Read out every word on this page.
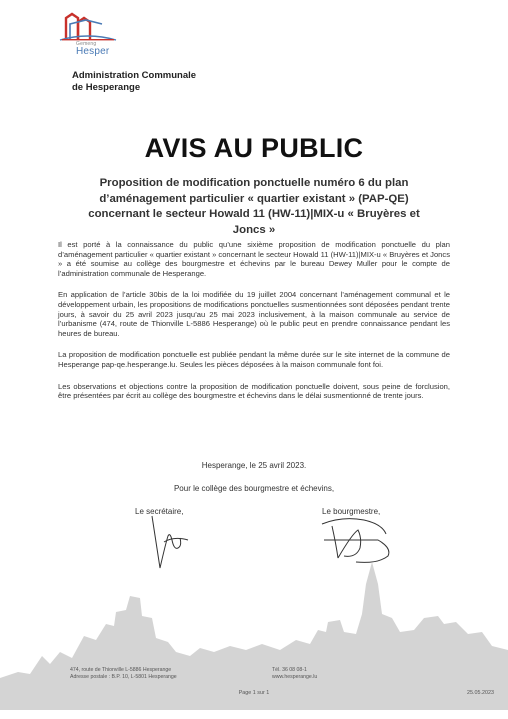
Gemeng
Hesper
Administration Communale
de Hesperange
AVIS AU PUBLIC
Proposition de modification ponctuelle numéro 6 du plan d’aménagement particulier « quartier existant » (PAP-QE) concernant le secteur Howald 11 (HW-11)|MIX-u « Bruyères et Joncs »

Il est porté à la connaissance du public qu’une sixième proposition de modification ponctuelle du plan d’aménagement particulier « quartier existant » concernant le secteur Howald 11 (HW-11)|MIX-u « Bruyères et Joncs » a été soumise au collège des bourgmestre et échevins par le bureau Dewey Muller pour le compte de l’administration communale de Hesperange.

En application de l’article 30bis de la loi modifiée du 19 juillet 2004 concernant l’aménagement communal et le développement urbain, les propositions de modifications ponctuelles susmentionnées sont déposées pendant trente jours, à savoir du 25 avril 2023 jusqu’au 25 mai 2023 inclusivement, à la maison communale au service de l’urbanisme (474, route de Thionville L-5886 Hesperange) où le public peut en prendre connaissance pendant les heures de bureau.

La proposition de modification ponctuelle est publiée pendant la même durée sur le site internet de la commune de Hesperange pap-qe.hesperange.lu. Seules les pièces déposées à la maison communale font foi.

Les observations et objections contre la proposition de modification ponctuelle doivent, sous peine de forclusion, être présentées par écrit au collège des bourgmestre et échevins dans le délai susmentionné de trente jours.

Hesperange, le 25 avril 2023.
Pour le collège des bourgmestre et échevins,
Le secrétaire,	Le bourgmestre,
474, route de Thionville L-5886 Hesperange
Adresse postale : B.P. 10, L-5801 Hesperange
Tél. 36 08 08-1
www.hesperange.lu
Page 1 sur 1	25.05.2023
